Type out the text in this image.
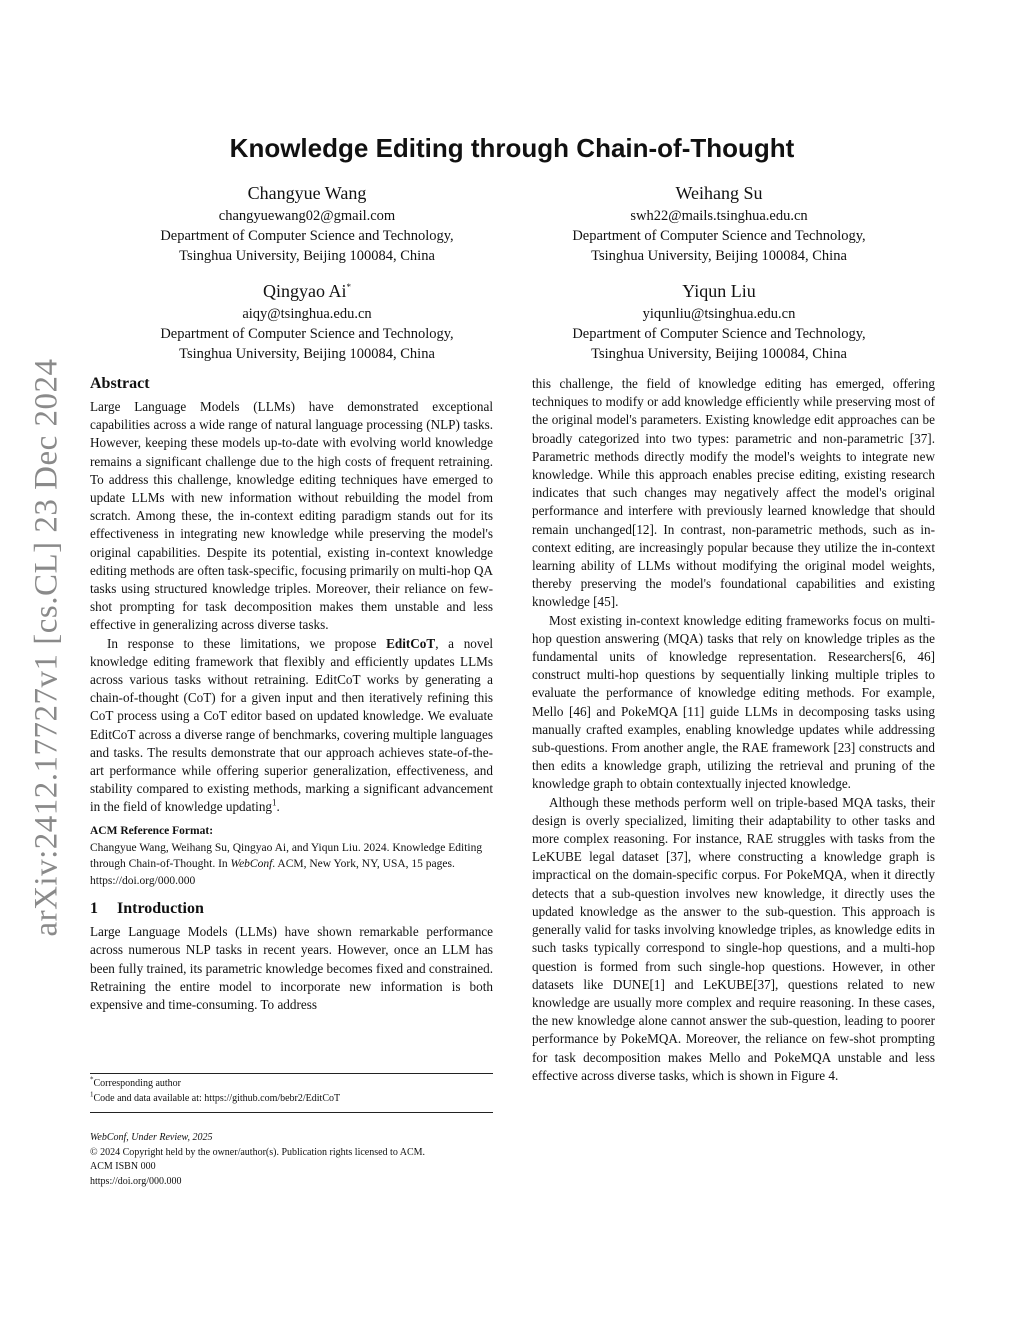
arXiv:2412.17727v1 [cs.CL] 23 Dec 2024
Knowledge Editing through Chain-of-Thought
Changyue Wang
changyuewang02@gmail.com
Department of Computer Science and Technology,
Tsinghua University, Beijing 100084, China
Weihang Su
swh22@mails.tsinghua.edu.cn
Department of Computer Science and Technology,
Tsinghua University, Beijing 100084, China
Qingyao Ai*
aiqy@tsinghua.edu.cn
Department of Computer Science and Technology,
Tsinghua University, Beijing 100084, China
Yiqun Liu
yiqunliu@tsinghua.edu.cn
Department of Computer Science and Technology,
Tsinghua University, Beijing 100084, China
Abstract

Large Language Models (LLMs) have demonstrated exceptional capabilities across a wide range of natural language processing (NLP) tasks. However, keeping these models up-to-date with evolving world knowledge remains a significant challenge due to the high costs of frequent retraining. To address this challenge, knowledge editing techniques have emerged to update LLMs with new information without rebuilding the model from scratch. Among these, the in-context editing paradigm stands out for its effectiveness in integrating new knowledge while preserving the model's original capabilities. Despite its potential, existing in-context knowledge editing methods are often task-specific, focusing primarily on multi-hop QA tasks using structured knowledge triples. Moreover, their reliance on few-shot prompting for task decomposition makes them unstable and less effective in generalizing across diverse tasks.

In response to these limitations, we propose EditCoT, a novel knowledge editing framework that flexibly and efficiently updates LLMs across various tasks without retraining. EditCoT works by generating a chain-of-thought (CoT) for a given input and then iteratively refining this CoT process using a CoT editor based on updated knowledge. We evaluate EditCoT across a diverse range of benchmarks, covering multiple languages and tasks. The results demonstrate that our approach achieves state-of-the-art performance while offering superior generalization, effectiveness, and stability compared to existing methods, marking a significant advancement in the field of knowledge updating$^1$.

ACM Reference Format:
Changyue Wang, Weihang Su, Qingyao Ai, and Yiqun Liu. 2024. Knowledge Editing through Chain-of-Thought. In WebConf. ACM, New York, NY, USA, 15 pages. https://doi.org/000.000
1 Introduction

Large Language Models (LLMs) have shown remarkable performance across numerous NLP tasks in recent years. However, once an LLM has been fully trained, its parametric knowledge becomes fixed and constrained. Retraining the entire model to incorporate new information is both expensive and time-consuming. To address

this challenge, the field of knowledge editing has emerged, offering techniques to modify or add knowledge efficiently while preserving most of the original model's parameters. Existing knowledge edit approaches can be broadly categorized into two types: parametric and non-parametric [37]. Parametric methods directly modify the model's weights to integrate new knowledge. While this approach enables precise editing, existing research indicates that such changes may negatively affect the model's original performance and interfere with previously learned knowledge that should remain unchanged[12]. In contrast, non-parametric methods, such as in-context editing, are increasingly popular because they utilize the in-context learning ability of LLMs without modifying the original model weights, thereby preserving the model's foundational capabilities and existing knowledge [45].

Most existing in-context knowledge editing frameworks focus on multi-hop question answering (MQA) tasks that rely on knowledge triples as the fundamental units of knowledge representation. Researchers[6, 46] construct multi-hop questions by sequentially linking multiple triples to evaluate the performance of knowledge editing methods. For example, Mello [46] and PokeMQA [11] guide LLMs in decomposing tasks using manually crafted examples, enabling knowledge updates while addressing sub-questions. From another angle, the RAE framework [23] constructs and then edits a knowledge graph, utilizing the retrieval and pruning of the knowledge graph to obtain contextually injected knowledge.

Although these methods perform well on triple-based MQA tasks, their design is overly specialized, limiting their adaptability to other tasks and more complex reasoning. For instance, RAE struggles with tasks from the LeKUBE legal dataset [37], where constructing a knowledge graph is impractical on the domain-specific corpus. For PokeMQA, when it directly detects that a sub-question involves new knowledge, it directly uses the updated knowledge as the answer to the sub-question. This approach is generally valid for tasks involving knowledge triples, as knowledge edits in such tasks typically correspond to single-hop questions, and a multi-hop question is formed from such single-hop questions. However, in other datasets like DUNE[1] and LeKUBE[37], questions related to new knowledge are usually more complex and require reasoning. In these cases, the new knowledge alone cannot answer the sub-question, leading to poorer performance by PokeMQA. Moreover, the reliance on few-shot prompting for task decomposition makes Mello and PokeMQA unstable and less effective across diverse tasks, which is shown in Figure 4.

*Corresponding author
$^1$Code and data available at: https://github.com/bebr2/EditCoT
WebConf, Under Review, 2025
© 2024 Copyright held by the owner/author(s). Publication rights licensed to ACM.
ACM ISBN 000
https://doi.org/000.000
